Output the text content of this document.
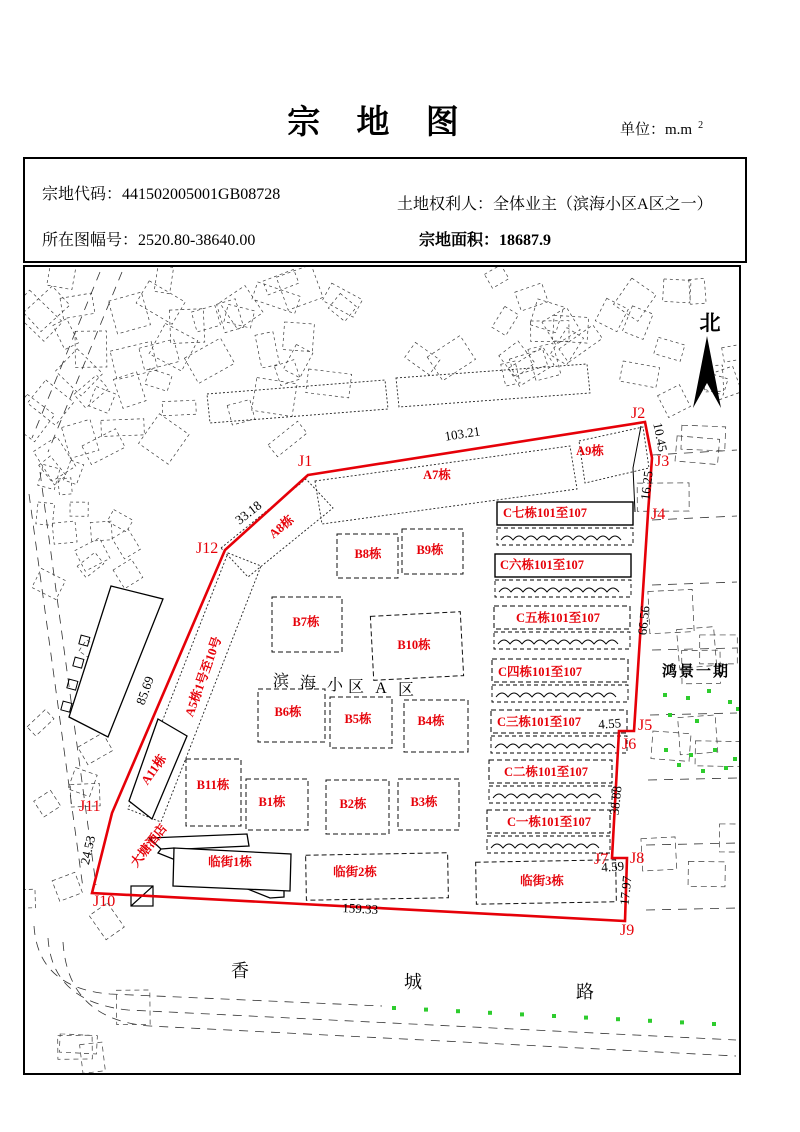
宗 地 图	单位：m.m $^2$
宗地代码：441502005001GB08728
土地权利人：全体业主（滨海小区A区之一）
所在图幅号：2520.80-38640.00	宗地面积：18687.9
103.21	10.45
16.25
33.18
66.56
4.55
85.69
38.88
24.53
4.59
17.97
159.33
A7栋
A9栋
A8栋
A5栋1号至10号
A11栋
大塘酒店
B8栋	B9栋
B7栋
B10栋
B6栋	B5栋	B4栋
B11栋
B1栋	B2栋	B3栋
临街1栋
临街2栋
临街3栋
C七栋101至107
C六栋101至107
C五栋101至107
C四栋101至107
C三栋101至107
C二栋101至107
C一栋101至107
J1
J2
J3
J4
J5
J6
J7 J8
J9
J10
J11
J12
滨 海 小 区 A 区
鸿景一期
香
城	路
北
